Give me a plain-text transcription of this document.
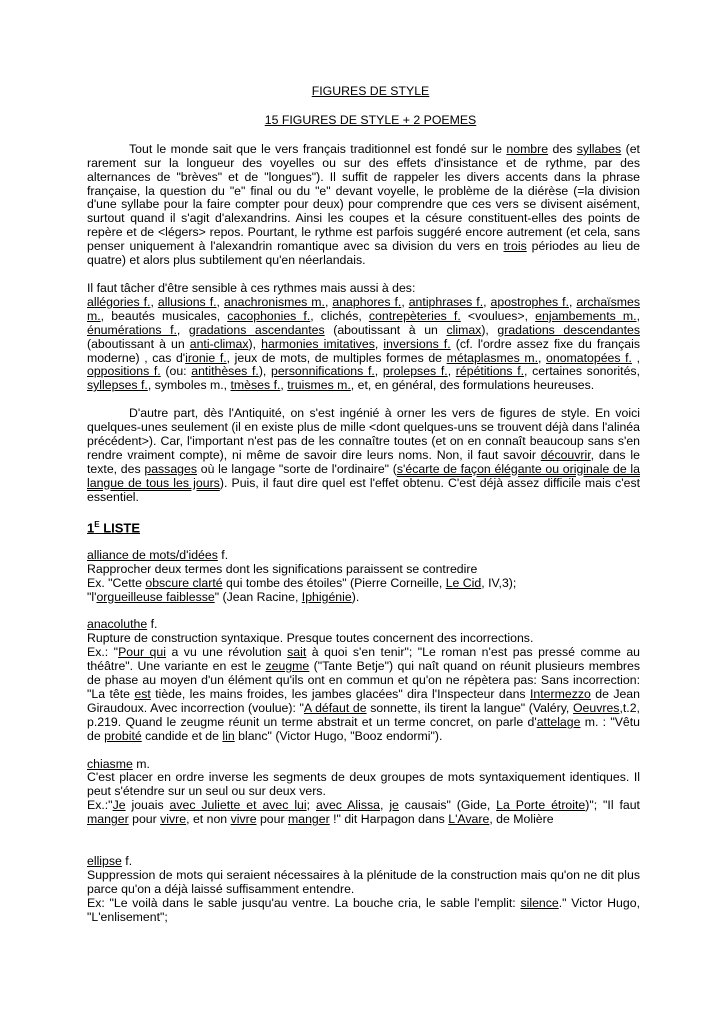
FIGURES DE STYLE

15 FIGURES DE STYLE + 2 POEMES

Tout le monde sait que le vers français traditionnel est fondé sur le nombre des syllabes (et rarement sur la longueur des voyelles ou sur des effets d'insistance et de rythme, par des alternances de "brèves" et de "longues"). Il suffit de rappeler les divers accents dans la phrase française, la question du "e" final ou du "e" devant voyelle, le problème de la diérèse (=la division d'une syllabe pour la faire compter pour deux) pour comprendre que ces vers se divisent aisément, surtout quand il s'agit d'alexandrins. Ainsi les coupes et la césure constituent-elles des points de repère et de <légers> repos. Pourtant, le rythme est parfois suggéré encore autrement (et cela, sans penser uniquement à l'alexandrin romantique avec sa division du vers en trois périodes au lieu de quatre) et alors plus subtilement qu'en néerlandais.

Il faut tâcher d'être sensible à ces rythmes mais aussi à des:

allégories f., allusions f., anachronismes m., anaphores f., antiphrases f., apostrophes f., archaïsmes m., beautés musicales, cacophonies f., clichés, contrepèteries f. <voulues>, enjambements m., énumérations f., gradations ascendantes (aboutissant à un climax), gradations descendantes (aboutissant à un anti-climax), harmonies imitatives, inversions f. (cf. l'ordre assez fixe du français moderne) , cas d'ironie f., jeux de mots, de multiples formes de métaplasmes m., onomatopées f. , oppositions f. (ou: antithèses f.), personnifications f., prolepses f., répétitions f., certaines sonorités, syllepses f., symboles m., tmèses f., truismes m., et, en général, des formulations heureuses.

D'autre part, dès l'Antiquité, on s'est ingénié à orner les vers de figures de style. En voici quelques-unes seulement (il en existe plus de mille <dont quelques-uns se trouvent déjà dans l'alinéa précédent>). Car, l'important n'est pas de les connaître toutes (et on en connaît beaucoup sans s'en rendre vraiment compte), ni même de savoir dire leurs noms. Non, il faut savoir découvrir, dans le texte, des passages où le langage "sorte de l'ordinaire" (s'écarte de façon élégante ou originale de la langue de tous les jours). Puis, il faut dire quel est l'effet obtenu. C'est déjà assez difficile mais c'est essentiel.

$1^E$ LISTE

alliance de mots/d'idées f.

Rapprocher deux termes dont les significations paraissent se contredire

Ex. "Cette obscure clarté qui tombe des étoiles" (Pierre Corneille, Le Cid, IV,3);

"l'orgueilleuse faiblesse" (Jean Racine, Iphigénie).

anacoluthe f.

Rupture de construction syntaxique. Presque toutes concernent des incorrections.

Ex.: "Pour qui a vu une révolution sait à quoi s'en tenir"; "Le roman n'est pas pressé comme au théâtre". Une variante en est le zeugme ("Tante Betje") qui naît quand on réunit plusieurs membres de phase au moyen d'un élément qu'ils ont en commun et qu'on ne répètera pas: Sans incorrection: "La tête est tiède, les mains froides, les jambes glacées" dira l'Inspecteur dans Intermezzo de Jean Giraudoux. Avec incorrection (voulue): "A défaut de sonnette, ils tirent la langue" (Valéry, Oeuvres,t.2, p.219. Quand le zeugme réunit un terme abstrait et un terme concret, on parle d'attelage m. : "Vêtu de probité candide et de lin blanc" (Victor Hugo, "Booz endormi").

chiasme m.

C'est placer en ordre inverse les segments de deux groupes de mots syntaxiquement identiques. Il peut s'étendre sur un seul ou sur deux vers.

Ex.:"Je jouais avec Juliette et avec lui; avec Alissa, je causais" (Gide, La Porte étroite)"; "Il faut manger pour vivre, et non vivre pour manger !" dit Harpagon dans L'Avare, de Molière

ellipse f.

Suppression de mots qui seraient nécessaires à la plénitude de la construction mais qu'on ne dit plus parce qu'on a déjà laissé suffisamment entendre.

Ex: "Le voilà dans le sable jusqu'au ventre. La bouche cria, le sable l'emplit: silence." Victor Hugo, "L'enlisement";
